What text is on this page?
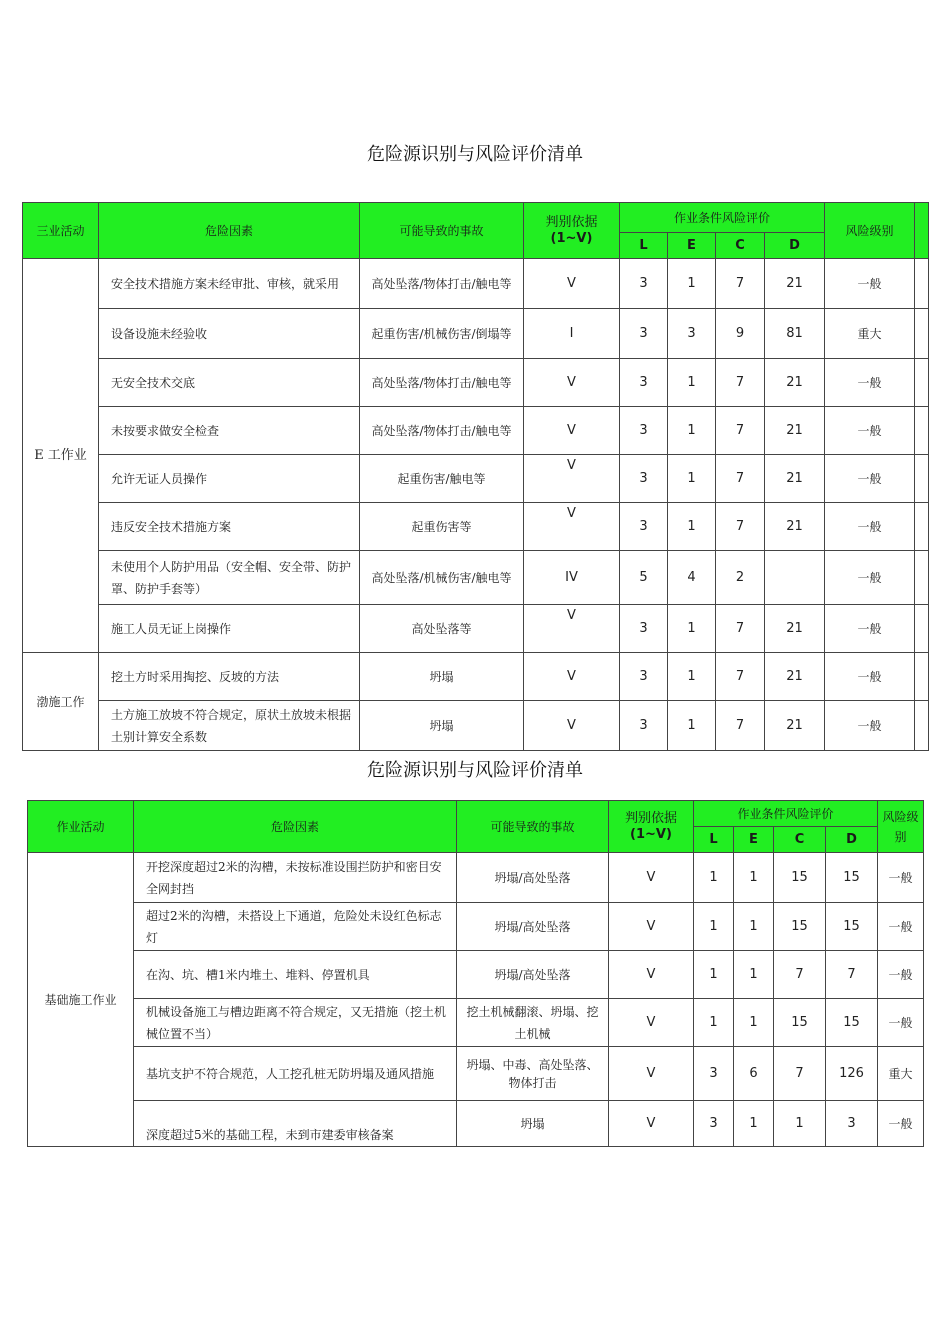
危险源识别与风险评价清单
三业活动	危险因素	可能导致的事故	判别依据
(1~V)	作业条件风险评价				风险级别	
				L	E	C	D		
E 工作业	安全技术措施方案未经审批、审核，就采用	高处坠落/物体打击/触电等	V	3	1	7	21	一般	
	设备设施未经验收	起重伤害/机械伤害/倒塌等	I	3	3	9	81	重大	
	无安全技术交底	高处坠落/物体打击/触电等	V	3	1	7	21	一般	
	未按要求做安全检查	高处坠落/物体打击/触电等	V	3	1	7	21	一般	
	允许无证人员操作	起重伤害/触电等	V	3	1	7	21	一般	
	违反安全技术措施方案	起重伤害等	V	3	1	7	21	一般	
	未使用个人防护用品（安全帽、安全带、防护罩、防护手套等）	高处坠落/机械伤害/触电等	IV	5	4	2		一般	
	施工人员无证上岗操作	高处坠落等	V	3	1	7	21	一般	
渤施工作	挖土方时采用掏挖、反坡的方法	坍塌	V	3	1	7	21	一般	
	土方施工放坡不符合规定，原状土放坡未根据土别计算安全系数	坍塌	V	3	1	7	21	一般	
危险源识别与风险评价清单
作业活动	危险因素	可能导致的事故	判别依据
(1~V)	作业条件风险评价				风险级别
				L	E	C	D	
基础施工作业	开挖深度超过2米的沟槽，未按标准设围拦防护和密目安全网封挡	坍塌/高处坠落	V	1	1	15	15	一般
	超过2米的沟槽，未搭设上下通道，危险处未设红色标志灯	坍塌/高处坠落	V	1	1	15	15	一般
	在沟、坑、槽1米内堆土、堆料、停置机具	坍塌/高处坠落	V	1	1	7	7	一般
	机械设备施工与槽边距离不符合规定，又无措施（挖土机械位置不当）	挖土机械翻滚、坍塌、挖土机械	V	1	1	15	15	一般
	基坑支护不符合规范，人工挖孔桩无防坍塌及通风措施	坍塌、中毒、高处坠落、物体打击	V	3	6	7	126	重大
	深度超过5米的基础工程，未到市建委审核备案	坍塌	V	3	1	1	3	一般
